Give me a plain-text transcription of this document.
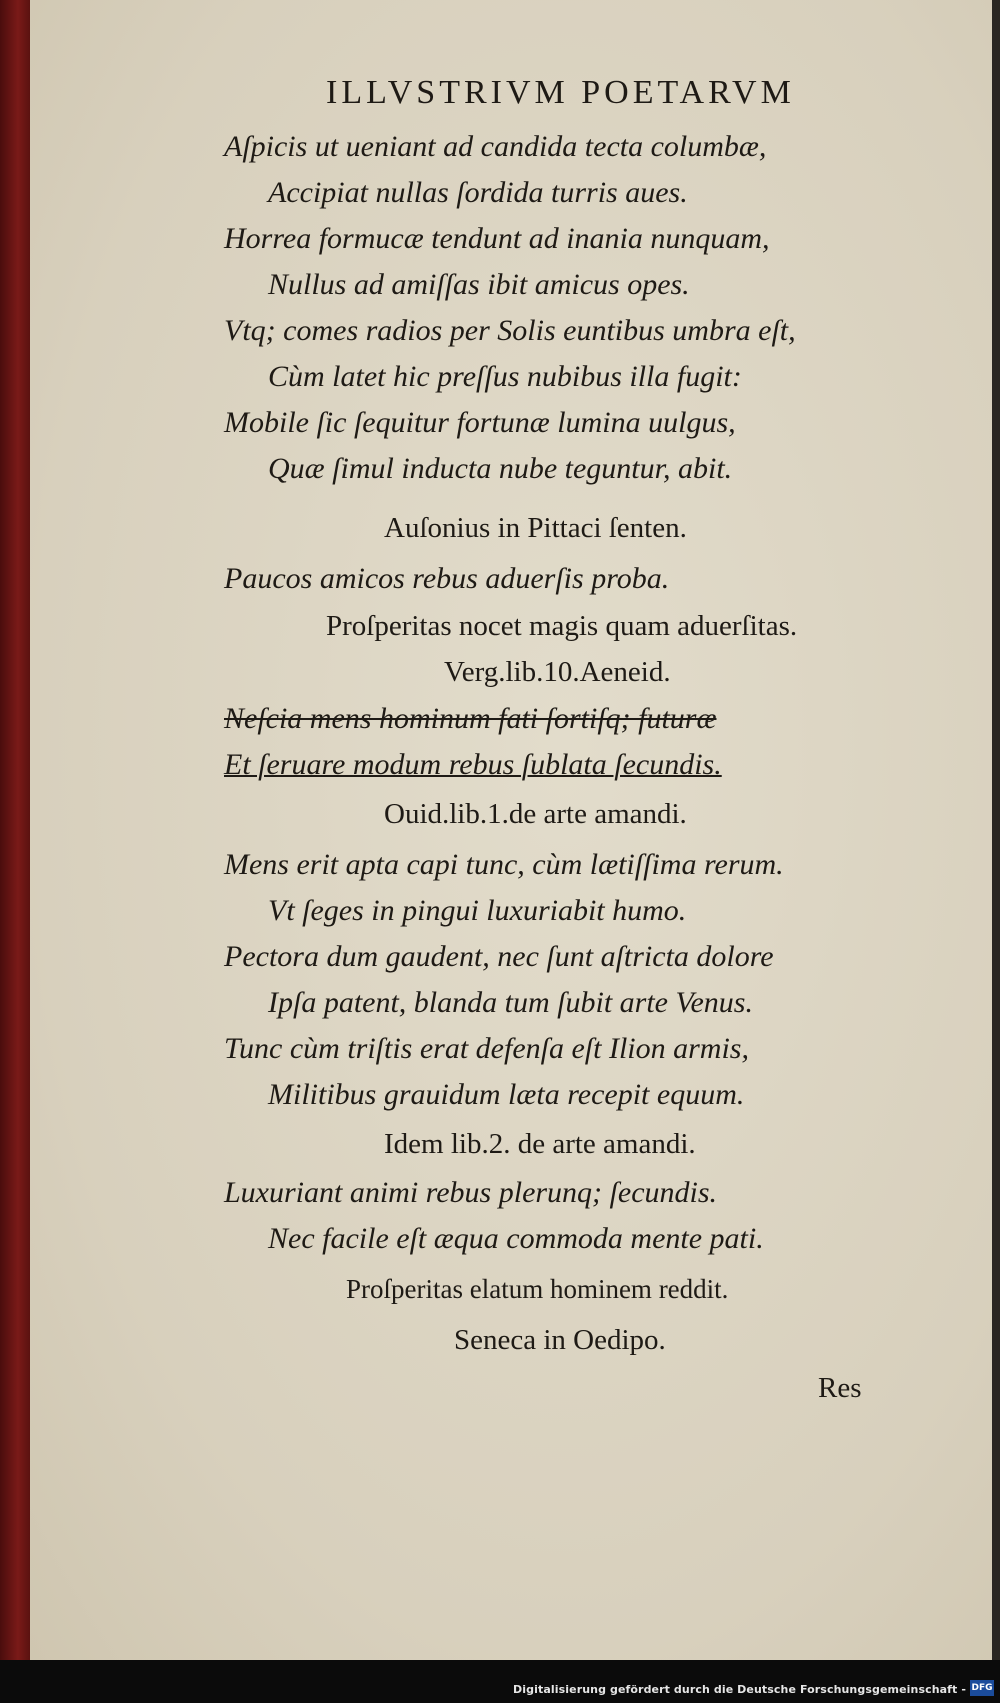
ILLVSTRIVM POETARVM
Aſpicis ut ueniant ad candida tecta columbæ,
Accipiat nullas ſordida turris aues.
Horrea formucæ tendunt ad inania nunquam,
Nullus ad amiſſas ibit amicus opes.
Vtq; comes radios per Solis euntibus umbra eſt,
Cùm latet hic preſſus nubibus illa fugit:
Mobile ſic ſequitur fortunæ lumina uulgus,
Quæ ſimul inducta nube teguntur, abit.
Auſonius in Pittaci ſenten.
Paucos amicos rebus aduerſis proba.
Proſperitas nocet magis quam aduerſitas.
Verg.lib.10.Aeneid.
Neſcia mens hominum fati ſortiſq; futuræ
Et ſeruare modum rebus ſublata ſecundis.
Ouid.lib.1.de arte amandi.
Mens erit apta capi tunc, cùm lætiſſima rerum.
Vt ſeges in pingui luxuriabit humo.
Pectora dum gaudent, nec ſunt aſtricta dolore
Ipſa patent, blanda tum ſubit arte Venus.
Tunc cùm triſtis erat defenſa eſt Ilion armis,
Militibus grauidum læta recepit equum.
Idem lib.2. de arte amandi.
Luxuriant animi rebus plerunq; ſecundis.
Nec facile eſt æqua commoda mente pati.
Proſperitas elatum hominem reddit.
Seneca in Oedipo.
Res
Digitalisierung gefördert durch die Deutsche Forschungsgemeinschaft - DFG
